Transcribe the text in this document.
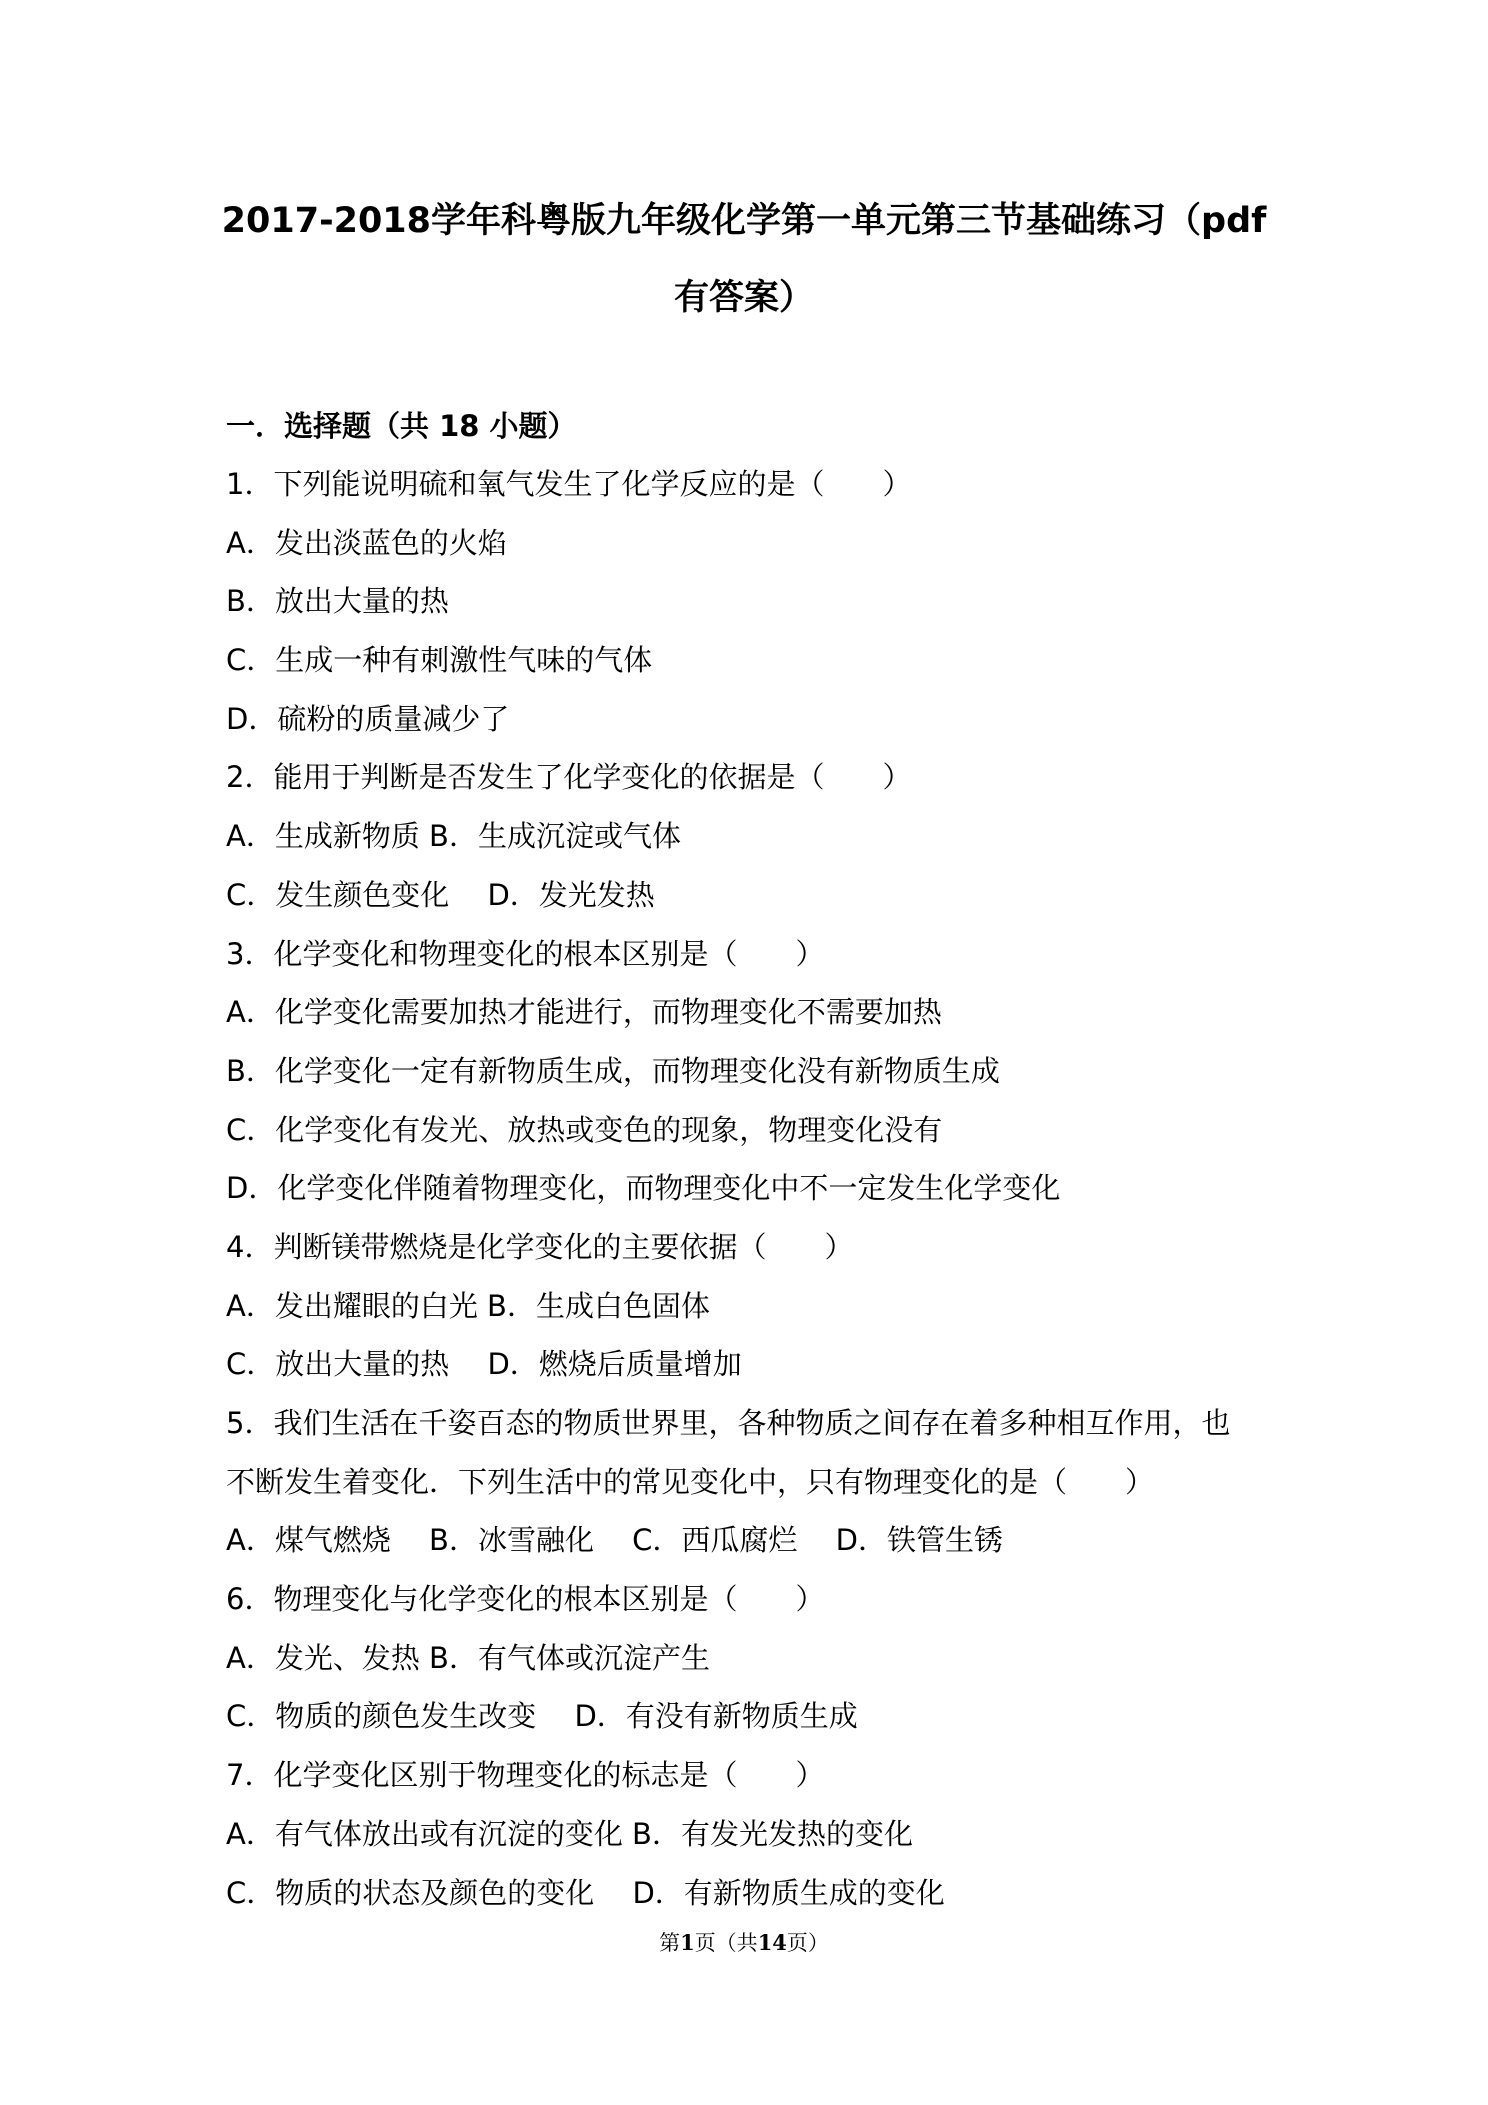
2017-2018学年科粤版九年级化学第一单元第三节基础练习（pdf
有答案）
一．选择题（共 18 小题）
1．下列能说明硫和氧气发生了化学反应的是（　　）
A．发出淡蓝色的火焰
B．放出大量的热
C．生成一种有刺激性气味的气体
D．硫粉的质量减少了
2．能用于判断是否发生了化学变化的依据是（　　）
A．生成新物质 B．生成沉淀或气体
C．发生颜色变化　 D．发光发热
3．化学变化和物理变化的根本区别是（　　）
A．化学变化需要加热才能进行，而物理变化不需要加热
B．化学变化一定有新物质生成，而物理变化没有新物质生成
C．化学变化有发光、放热或变色的现象，物理变化没有
D．化学变化伴随着物理变化，而物理变化中不一定发生化学变化
4．判断镁带燃烧是化学变化的主要依据（　　）
A．发出耀眼的白光 B．生成白色固体
C．放出大量的热　 D．燃烧后质量增加
5．我们生活在千姿百态的物质世界里，各种物质之间存在着多种相互作用，也
不断发生着变化．下列生活中的常见变化中，只有物理变化的是（　　）
A．煤气燃烧　 B．冰雪融化　 C．西瓜腐烂　 D．铁管生锈
6．物理变化与化学变化的根本区别是（　　）
A．发光、发热 B．有气体或沉淀产生
C．物质的颜色发生改变　 D．有没有新物质生成
7．化学变化区别于物理变化的标志是（　　）
A．有气体放出或有沉淀的变化 B．有发光发热的变化
C．物质的状态及颜色的变化　 D．有新物质生成的变化
第1页（共14页）
